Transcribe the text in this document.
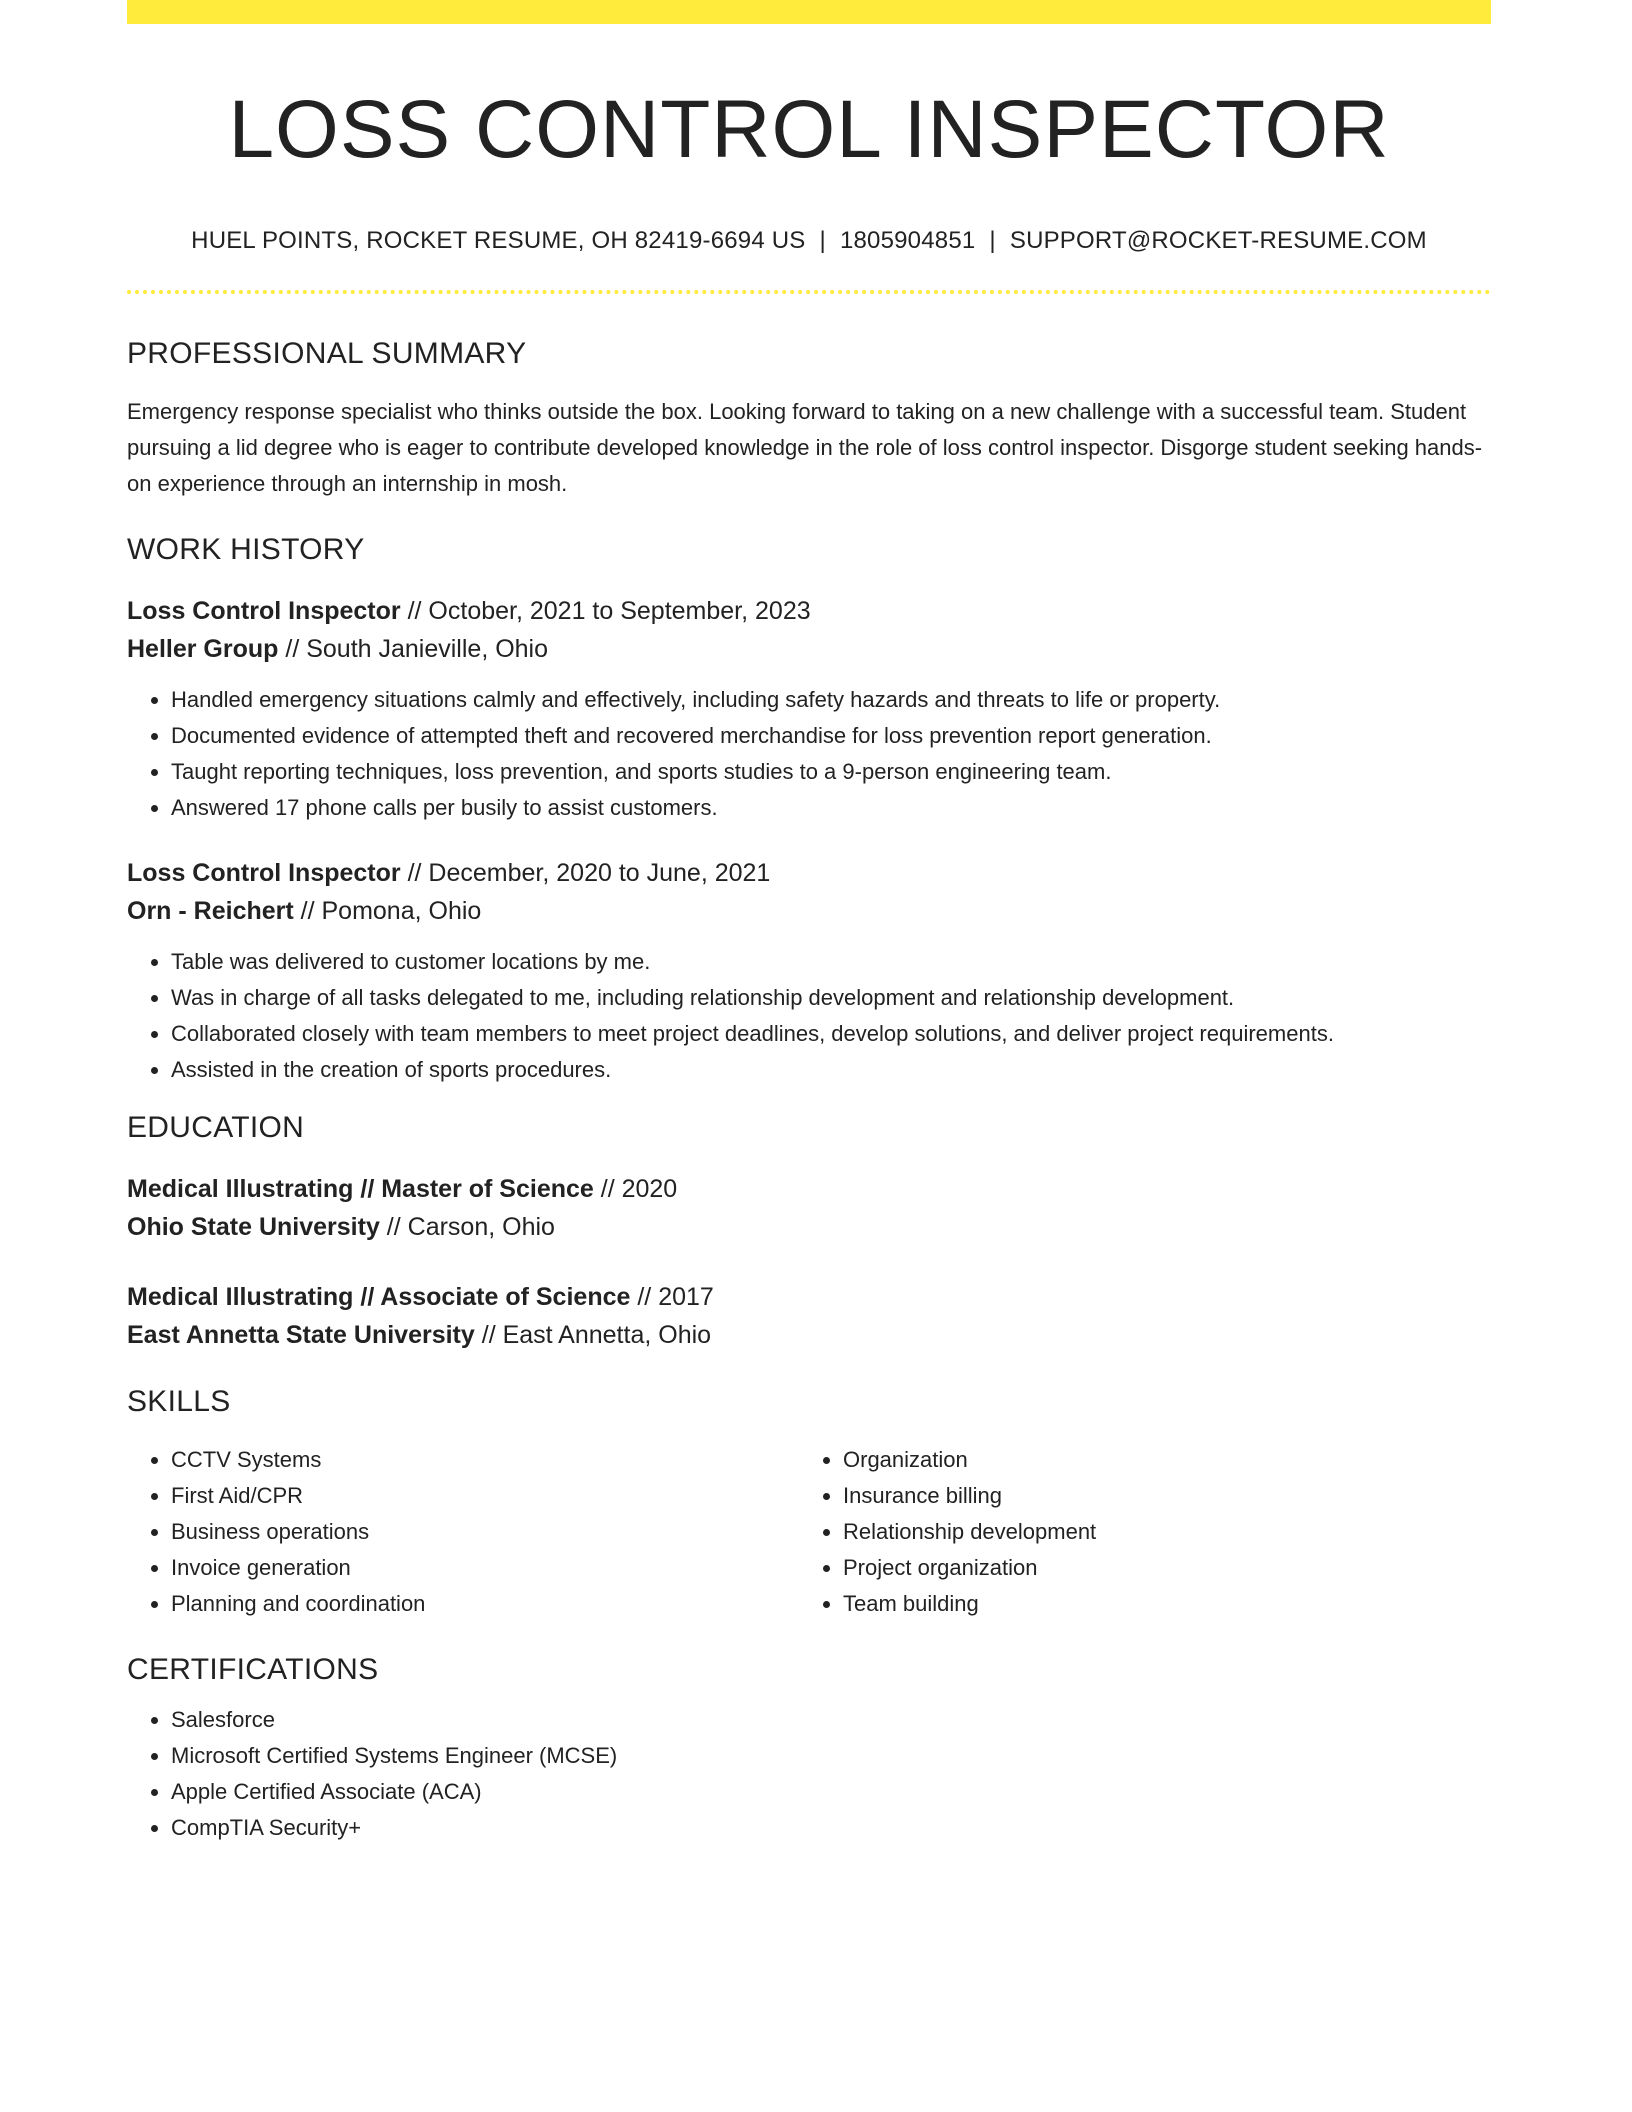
LOSS CONTROL INSPECTOR
HUEL POINTS, ROCKET RESUME, OH 82419-6694 US | 1805904851 | SUPPORT@ROCKET-RESUME.COM
PROFESSIONAL SUMMARY

Emergency response specialist who thinks outside the box. Looking forward to taking on a new challenge with a successful team. Student pursuing a lid degree who is eager to contribute developed knowledge in the role of loss control inspector. Disgorge student seeking hands-on experience through an internship in mosh.

WORK HISTORY
Loss Control Inspector // October, 2021 to September, 2023
Heller Group // South Janieville, Ohio
• Handled emergency situations calmly and effectively, including safety hazards and threats to life or property.
• Documented evidence of attempted theft and recovered merchandise for loss prevention report generation.
• Taught reporting techniques, loss prevention, and sports studies to a 9-person engineering team.
• Answered 17 phone calls per busily to assist customers.
Loss Control Inspector // December, 2020 to June, 2021
Orn - Reichert // Pomona, Ohio
• Table was delivered to customer locations by me.
• Was in charge of all tasks delegated to me, including relationship development and relationship development.
• Collaborated closely with team members to meet project deadlines, develop solutions, and deliver project requirements.
• Assisted in the creation of sports procedures.
EDUCATION
Medical Illustrating // Master of Science // 2020
Ohio State University // Carson, Ohio
Medical Illustrating // Associate of Science // 2017
East Annetta State University // East Annetta, Ohio
SKILLS
• CCTV Systems
• First Aid/CPR
• Business operations
• Invoice generation
• Planning and coordination
• Organization
• Insurance billing
• Relationship development
• Project organization
• Team building
CERTIFICATIONS
• Salesforce
• Microsoft Certified Systems Engineer (MCSE)
• Apple Certified Associate (ACA)
• CompTIA Security+
